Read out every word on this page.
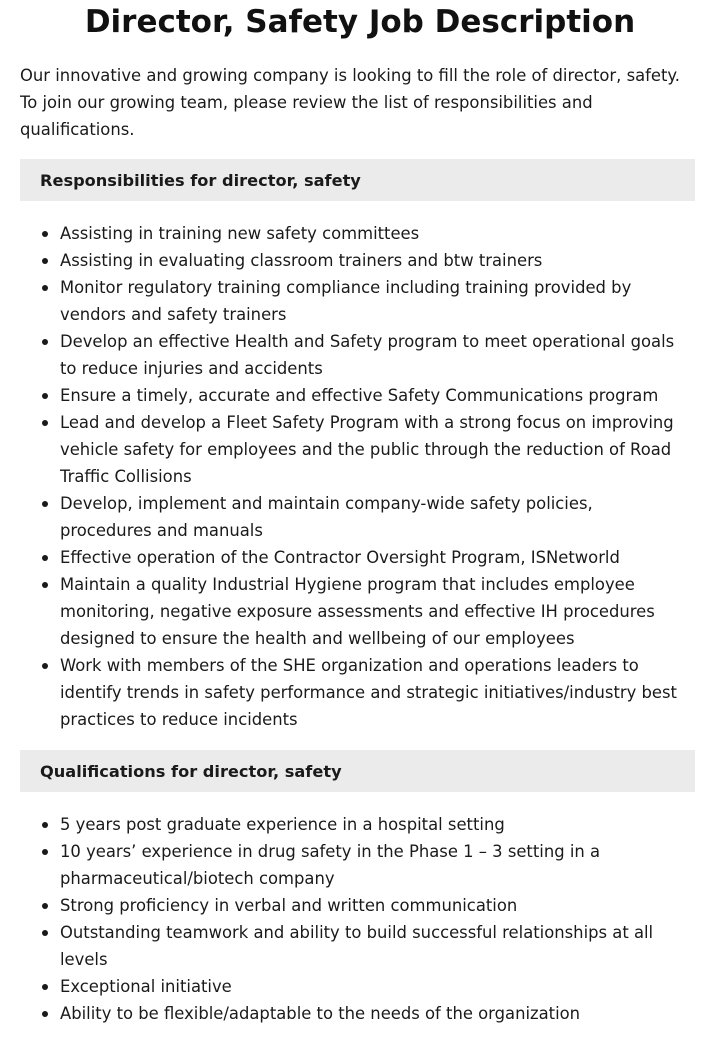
Director, Safety Job Description

Our innovative and growing company is looking to fill the role of director, safety. To join our growing team, please review the list of responsibilities and qualifications.

Responsibilities for director, safety
Assisting in training new safety committees
Assisting in evaluating classroom trainers and btw trainers
Monitor regulatory training compliance including training provided by vendors and safety trainers
Develop an effective Health and Safety program to meet operational goals to reduce injuries and accidents
Ensure a timely, accurate and effective Safety Communications program
Lead and develop a Fleet Safety Program with a strong focus on improving vehicle safety for employees and the public through the reduction of Road Traffic Collisions
Develop, implement and maintain company-wide safety policies, procedures and manuals
Effective operation of the Contractor Oversight Program, ISNetworld
Maintain a quality Industrial Hygiene program that includes employee monitoring, negative exposure assessments and effective IH procedures designed to ensure the health and wellbeing of our employees
Work with members of the SHE organization and operations leaders to identify trends in safety performance and strategic initiatives/industry best practices to reduce incidents
Qualifications for director, safety
5 years post graduate experience in a hospital setting
10 years’ experience in drug safety in the Phase 1 – 3 setting in a pharmaceutical/biotech company
Strong proficiency in verbal and written communication
Outstanding teamwork and ability to build successful relationships at all levels
Exceptional initiative
Ability to be flexible/adaptable to the needs of the organization
